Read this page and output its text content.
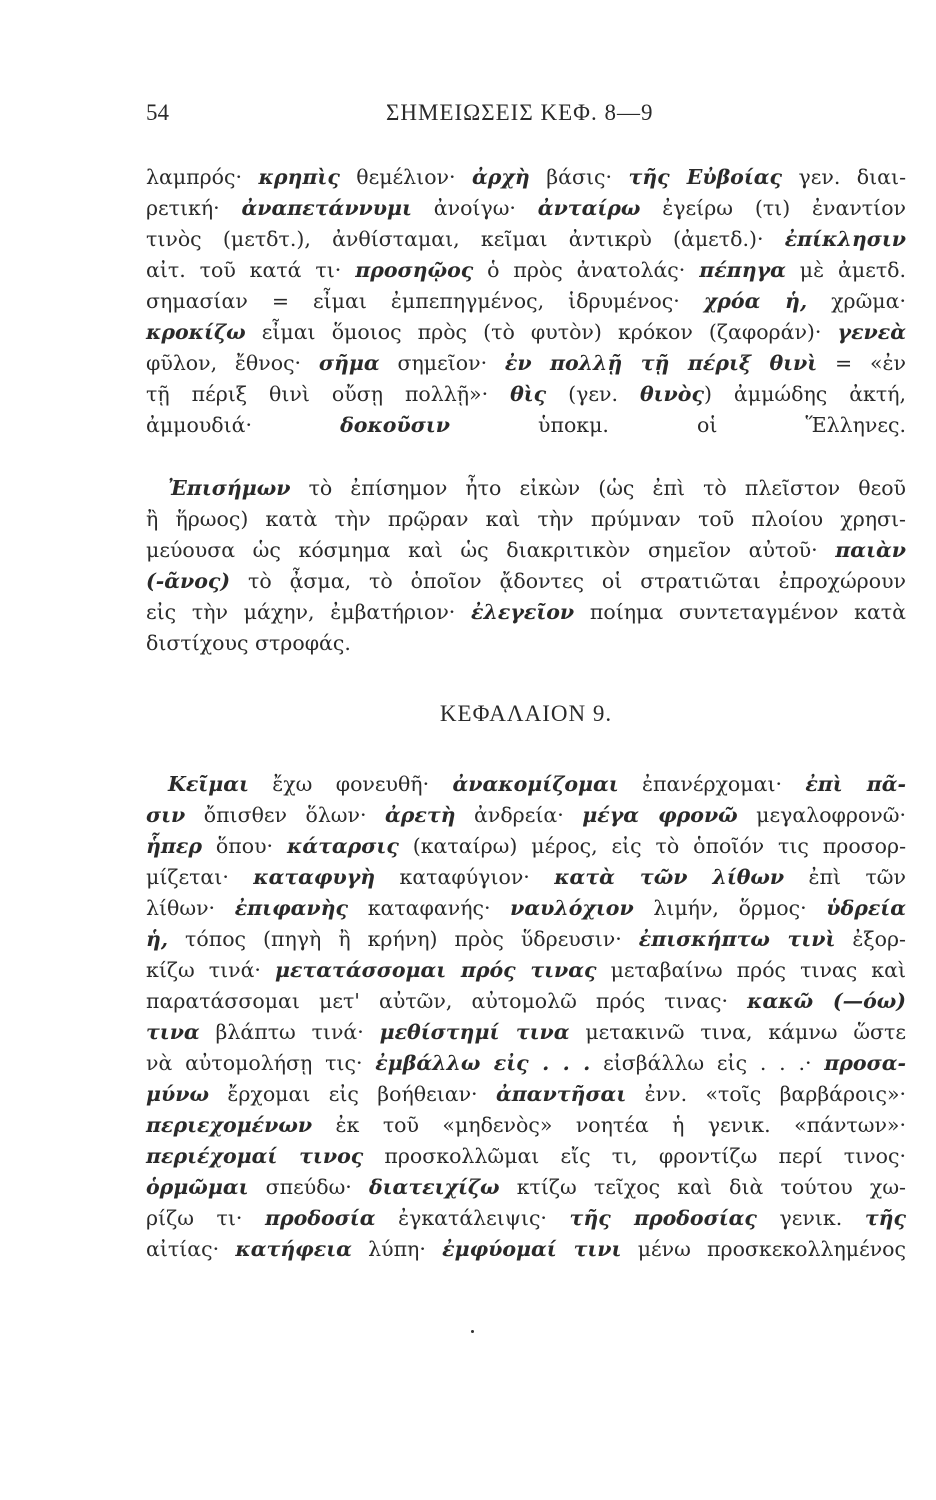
54	ΣΗΜΕΙΩΣΕΙΣ ΚΕΦ. 8—9
λαμπρός· κρηπὶς θεμέλιον· ἀρχὴ βάσις· τῆς Εὐβοίας γεν. διαι-
ρετική· ἀναπετάννυμι ἀνοίγω· ἀνταίρω ἐγείρω (τι) ἐναντίον
τινὸς (μετδτ.), ἀνθίσταμαι, κεῖμαι ἀντικρὺ (ἀμετδ.)· ἐπίκλησιν
αἰτ. τοῦ κατά τι· προσηῷος ὁ πρὸς ἀνατολάς· πέπηγα μὲ ἀμετδ.
σημασίαν = εἶμαι ἐμπεπηγμένος, ἱδρυμένος· χρόα ἡ, χρῶμα·
κροκίζω εἶμαι ὅμοιος πρὸς (τὸ φυτὸν) κρόκον (ζαφοράν)· γενεὰ
φῦλον, ἔθνος· σῆμα σημεῖον· ἐν πολλῇ τῇ πέριξ θινὶ = «ἐν
τῇ πέριξ θινὶ οὔσῃ πολλῇ»· θὶς (γεν. θινὸς) ἀμμώδης ἀκτή,
ἀμμουδιά· δοκοῦσιν ὑποκμ. οἱ Ἕλληνες.
Ἐπισήμων τὸ ἐπίσημον ἦτο εἰκὼν (ὡς ἐπὶ τὸ πλεῖστον θεοῦ
ἢ ἥρωος) κατὰ τὴν πρῷραν καὶ τὴν πρύμναν τοῦ πλοίου χρησι-
μεύουσα ὡς κόσμημα καὶ ὡς διακριτικὸν σημεῖον αὐτοῦ· παιὰν
(-ᾶνος) τὸ ᾆσμα, τὸ ὁποῖον ᾄδοντες οἱ στρατιῶται ἐπροχώρουν
εἰς τὴν μάχην, ἐμβατήριον· ἐλεγεῖον ποίημα συντεταγμένον κατὰ
διστίχους στροφάς.
ΚΕΦΑΛΑΙΟΝ 9.
Κεῖμαι ἔχω φονευθῆ· ἀνακομίζομαι ἐπανέρχομαι· ἐπὶ πᾶ-
σιν ὄπισθεν ὅλων· ἀρετὴ ἀνδρεία· μέγα φρονῶ μεγαλοφρονῶ·
ἧπερ ὅπου· κάταρσις (καταίρω) μέρος, εἰς τὸ ὁποῖόν τις προσορ-
μίζεται· καταφυγὴ καταφύγιον· κατὰ τῶν λίθων ἐπὶ τῶν
λίθων· ἐπιφανὴς καταφανής· ναυλόχιον λιμήν, ὅρμος· ὑδρεία
ἡ, τόπος (πηγὴ ἢ κρήνη) πρὸς ὕδρευσιν· ἐπισκήπτω τινὶ ἐξορ-
κίζω τινά· μετατάσσομαι πρός τινας μεταβαίνω πρός τινας καὶ
παρατάσσομαι μετ' αὐτῶν, αὐτομολῶ πρός τινας· κακῶ (—όω)
τινα βλάπτω τινά· μεθίστημί τινα μετακινῶ τινα, κάμνω ὥστε
νὰ αὐτομολήσῃ τις· ἐμβάλλω εἰς . . . εἰσβάλλω εἰς . . .· προσα-
μύνω ἔρχομαι εἰς βοήθειαν· ἀπαντῆσαι ἐνν. «τοῖς βαρβάροις»·
περιεχομένων ἐκ τοῦ «μηδενὸς» νοητέα ἡ γενικ. «πάντων»·
περιέχομαί τινος προσκολλῶμαι εἴς τι, φροντίζω περί τινος·
ὁρμῶμαι σπεύδω· διατειχίζω κτίζω τεῖχος καὶ διὰ τούτου χω-
ρίζω τι· προδοσία ἐγκατάλειψις· τῆς προδοσίας γενικ. τῆς
αἰτίας· κατήφεια λύπη· ἐμφύομαί τινι μένω προσκεκολλημένος
